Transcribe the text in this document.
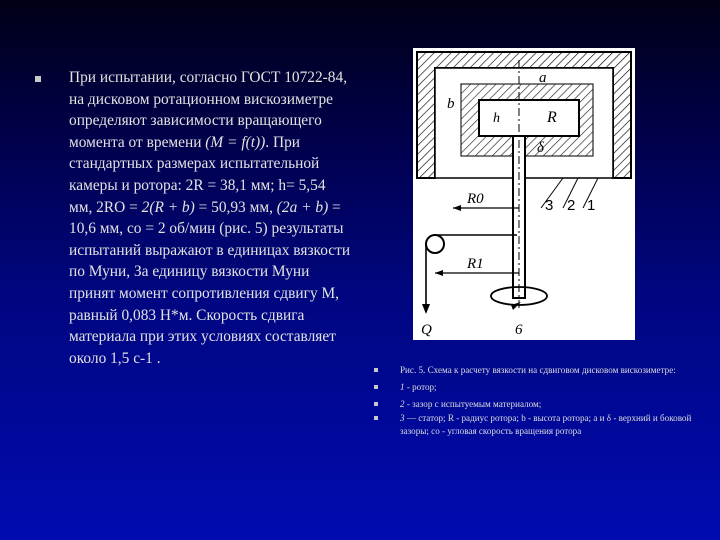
При испытании, согласно ГОСТ 10722-84, на дисковом ротационном вискозиметре определяют зависимости вращающего момента от времени (M = f(t)). При стандартных размерах испытательной камеры и ротора: 2R = 38,1 мм; h= 5,54 мм, 2RO = 2(R + b) = 50,93 мм, (2a + b) = 10,6 мм, со = 2 об/мин (рис. 5) результаты испытаний выражают в единицах вязкости по Муни, За единицу вязкости Муни принят момент сопротивления сдвигу М, равный 0,083 Н*м. Скорость сдвига материала при этих условиях составляет около 1,5 с-1 .
a
b
h	R
δ
R0
R1
3 2 1
Q	6
Рис. 5. Схема к расчету вязкости на сдвиговом дисковом вискозиметре:
1 - ротор;
2 - зазор с испытуемым материалом;
3 — статор; R - радиус ротора; b - высота ротора; a и δ - верхний и боковой зазоры; со - угловая скорость вращения ротора
